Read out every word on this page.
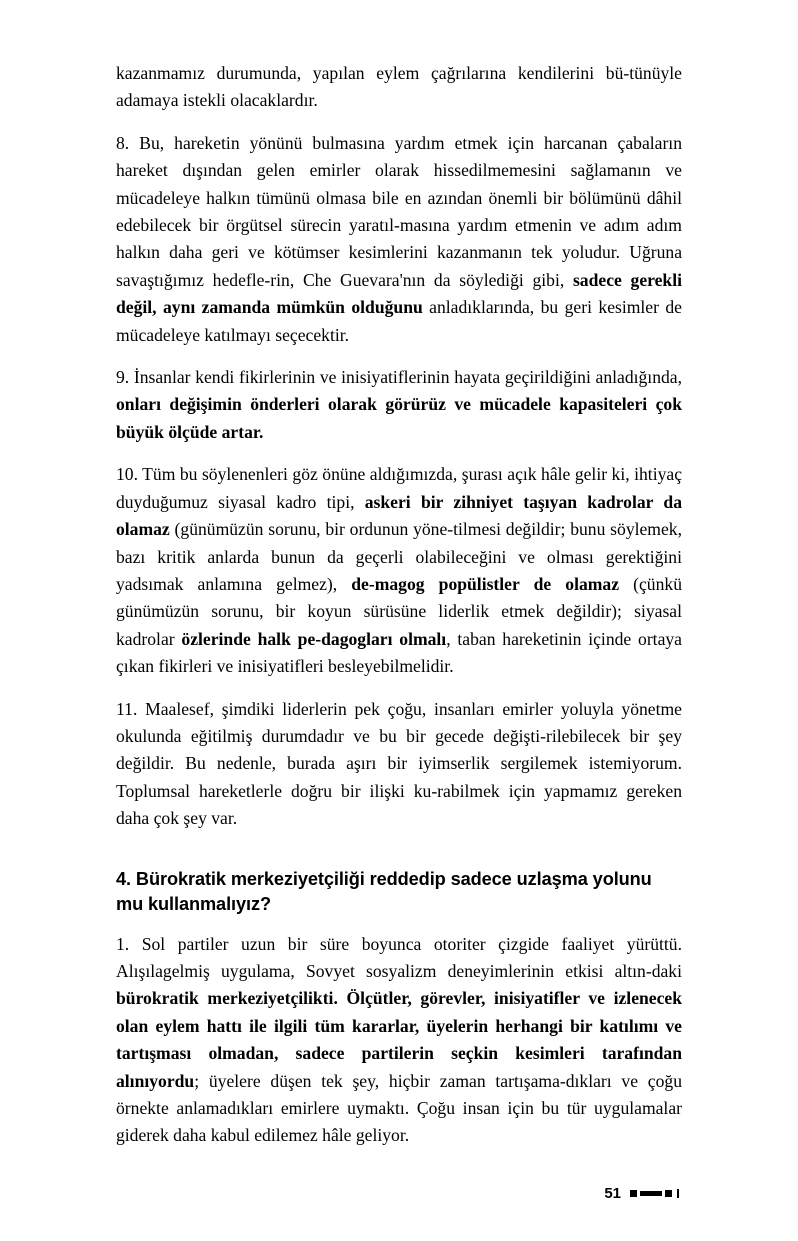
kazanmamız durumunda, yapılan eylem çağrılarına kendilerini bü-tünüyle adamaya istekli olacaklardır.

8. Bu, hareketin yönünü bulmasına yardım etmek için harcanan çabaların hareket dışından gelen emirler olarak hissedilmemesini sağlamanın ve mücadeleye halkın tümünü olmasa bile en azından önemli bir bölümünü dâhil edebilecek bir örgütsel sürecin yaratıl-masına yardım etmenin ve adım adım halkın daha geri ve kötümser kesimlerini kazanmanın tek yoludur. Uğruna savaştığımız hedefle-rin, Che Guevara'nın da söylediği gibi, sadece gerekli değil, aynı zamanda mümkün olduğunu anladıklarında, bu geri kesimler de mücadeleye katılmayı seçecektir.

9. İnsanlar kendi fikirlerinin ve inisiyatiflerinin hayata geçirildiğini anladığında, onları değişimin önderleri olarak görürüz ve mücadele kapasiteleri çok büyük ölçüde artar.

10. Tüm bu söylenenleri göz önüne aldığımızda, şurası açık hâle gelir ki, ihtiyaç duyduğumuz siyasal kadro tipi, askeri bir zihniyet taşıyan kadrolar da olamaz (günümüzün sorunu, bir ordunun yöne-tilmesi değildir; bunu söylemek, bazı kritik anlarda bunun da geçerli olabileceğini ve olması gerektiğini yadsımak anlamına gelmez), de-magog popülistler de olamaz (çünkü günümüzün sorunu, bir koyun sürüsüne liderlik etmek değildir); siyasal kadrolar özlerinde halk pe-dagogları olmalı, taban hareketinin içinde ortaya çıkan fikirleri ve inisiyatifleri besleyebilmelidir.

11. Maalesef, şimdiki liderlerin pek çoğu, insanları emirler yoluyla yönetme okulunda eğitilmiş durumdadır ve bu bir gecede değişti-rilebilecek bir şey değildir. Bu nedenle, burada aşırı bir iyimserlik sergilemek istemiyorum. Toplumsal hareketlerle doğru bir ilişki ku-rabilmek için yapmamız gereken daha çok şey var.

4. Bürokratik merkeziyetçiliği reddedip sadece uzlaşma yolunu mu kullanmalıyız?

1. Sol partiler uzun bir süre boyunca otoriter çizgide faaliyet yürüttü. Alışılagelmiş uygulama, Sovyet sosyalizm deneyimlerinin etkisi altın-daki bürokratik merkeziyetçilikti. Ölçütler, görevler, inisiyatifler ve izlenecek olan eylem hattı ile ilgili tüm kararlar, üyelerin herhangi bir katılımı ve tartışması olmadan, sadece partilerin seçkin kesimleri tarafından alınıyordu; üyelere düşen tek şey, hiçbir zaman tartışama-dıkları ve çoğu örnekte anlamadıkları emirlere uymaktı. Çoğu insan için bu tür uygulamalar giderek daha kabul edilemez hâle geliyor.

51
